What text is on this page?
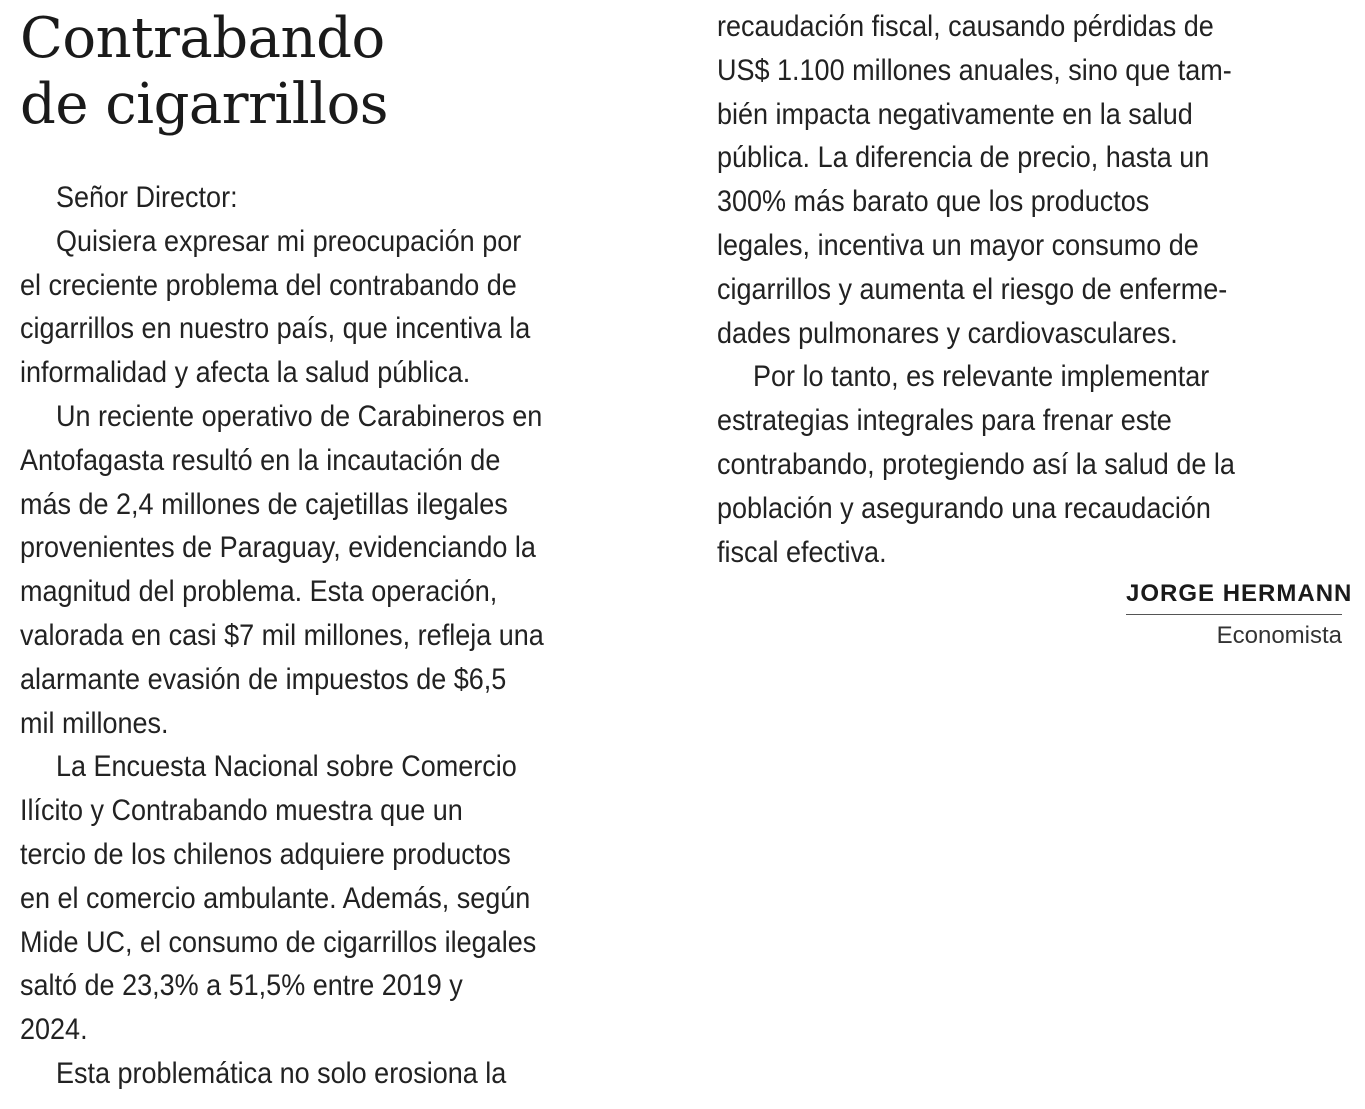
Contrabando
de cigarrillos
Señor Director:
Quisiera expresar mi preocupación por
el creciente problema del contrabando de
cigarrillos en nuestro país, que incentiva la
informalidad y afecta la salud pública.
Un reciente operativo de Carabineros en
Antofagasta resultó en la incautación de
más de 2,4 millones de cajetillas ilegales
provenientes de Paraguay, evidenciando la
magnitud del problema. Esta operación,
valorada en casi $7 mil millones, refleja una
alarmante evasión de impuestos de $6,5
mil millones.
La Encuesta Nacional sobre Comercio
Ilícito y Contrabando muestra que un
tercio de los chilenos adquiere productos
en el comercio ambulante. Además, según
Mide UC, el consumo de cigarrillos ilegales
saltó de 23,3% a 51,5% entre 2019 y
2024.
Esta problemática no solo erosiona la
recaudación fiscal, causando pérdidas de
US$ 1.100 millones anuales, sino que tam-
bién impacta negativamente en la salud
pública. La diferencia de precio, hasta un
300% más barato que los productos
legales, incentiva un mayor consumo de
cigarrillos y aumenta el riesgo de enferme-
dades pulmonares y cardiovasculares.
Por lo tanto, es relevante implementar
estrategias integrales para frenar este
contrabando, protegiendo así la salud de la
población y asegurando una recaudación
fiscal efectiva.
JORGE HERMANN
Economista
